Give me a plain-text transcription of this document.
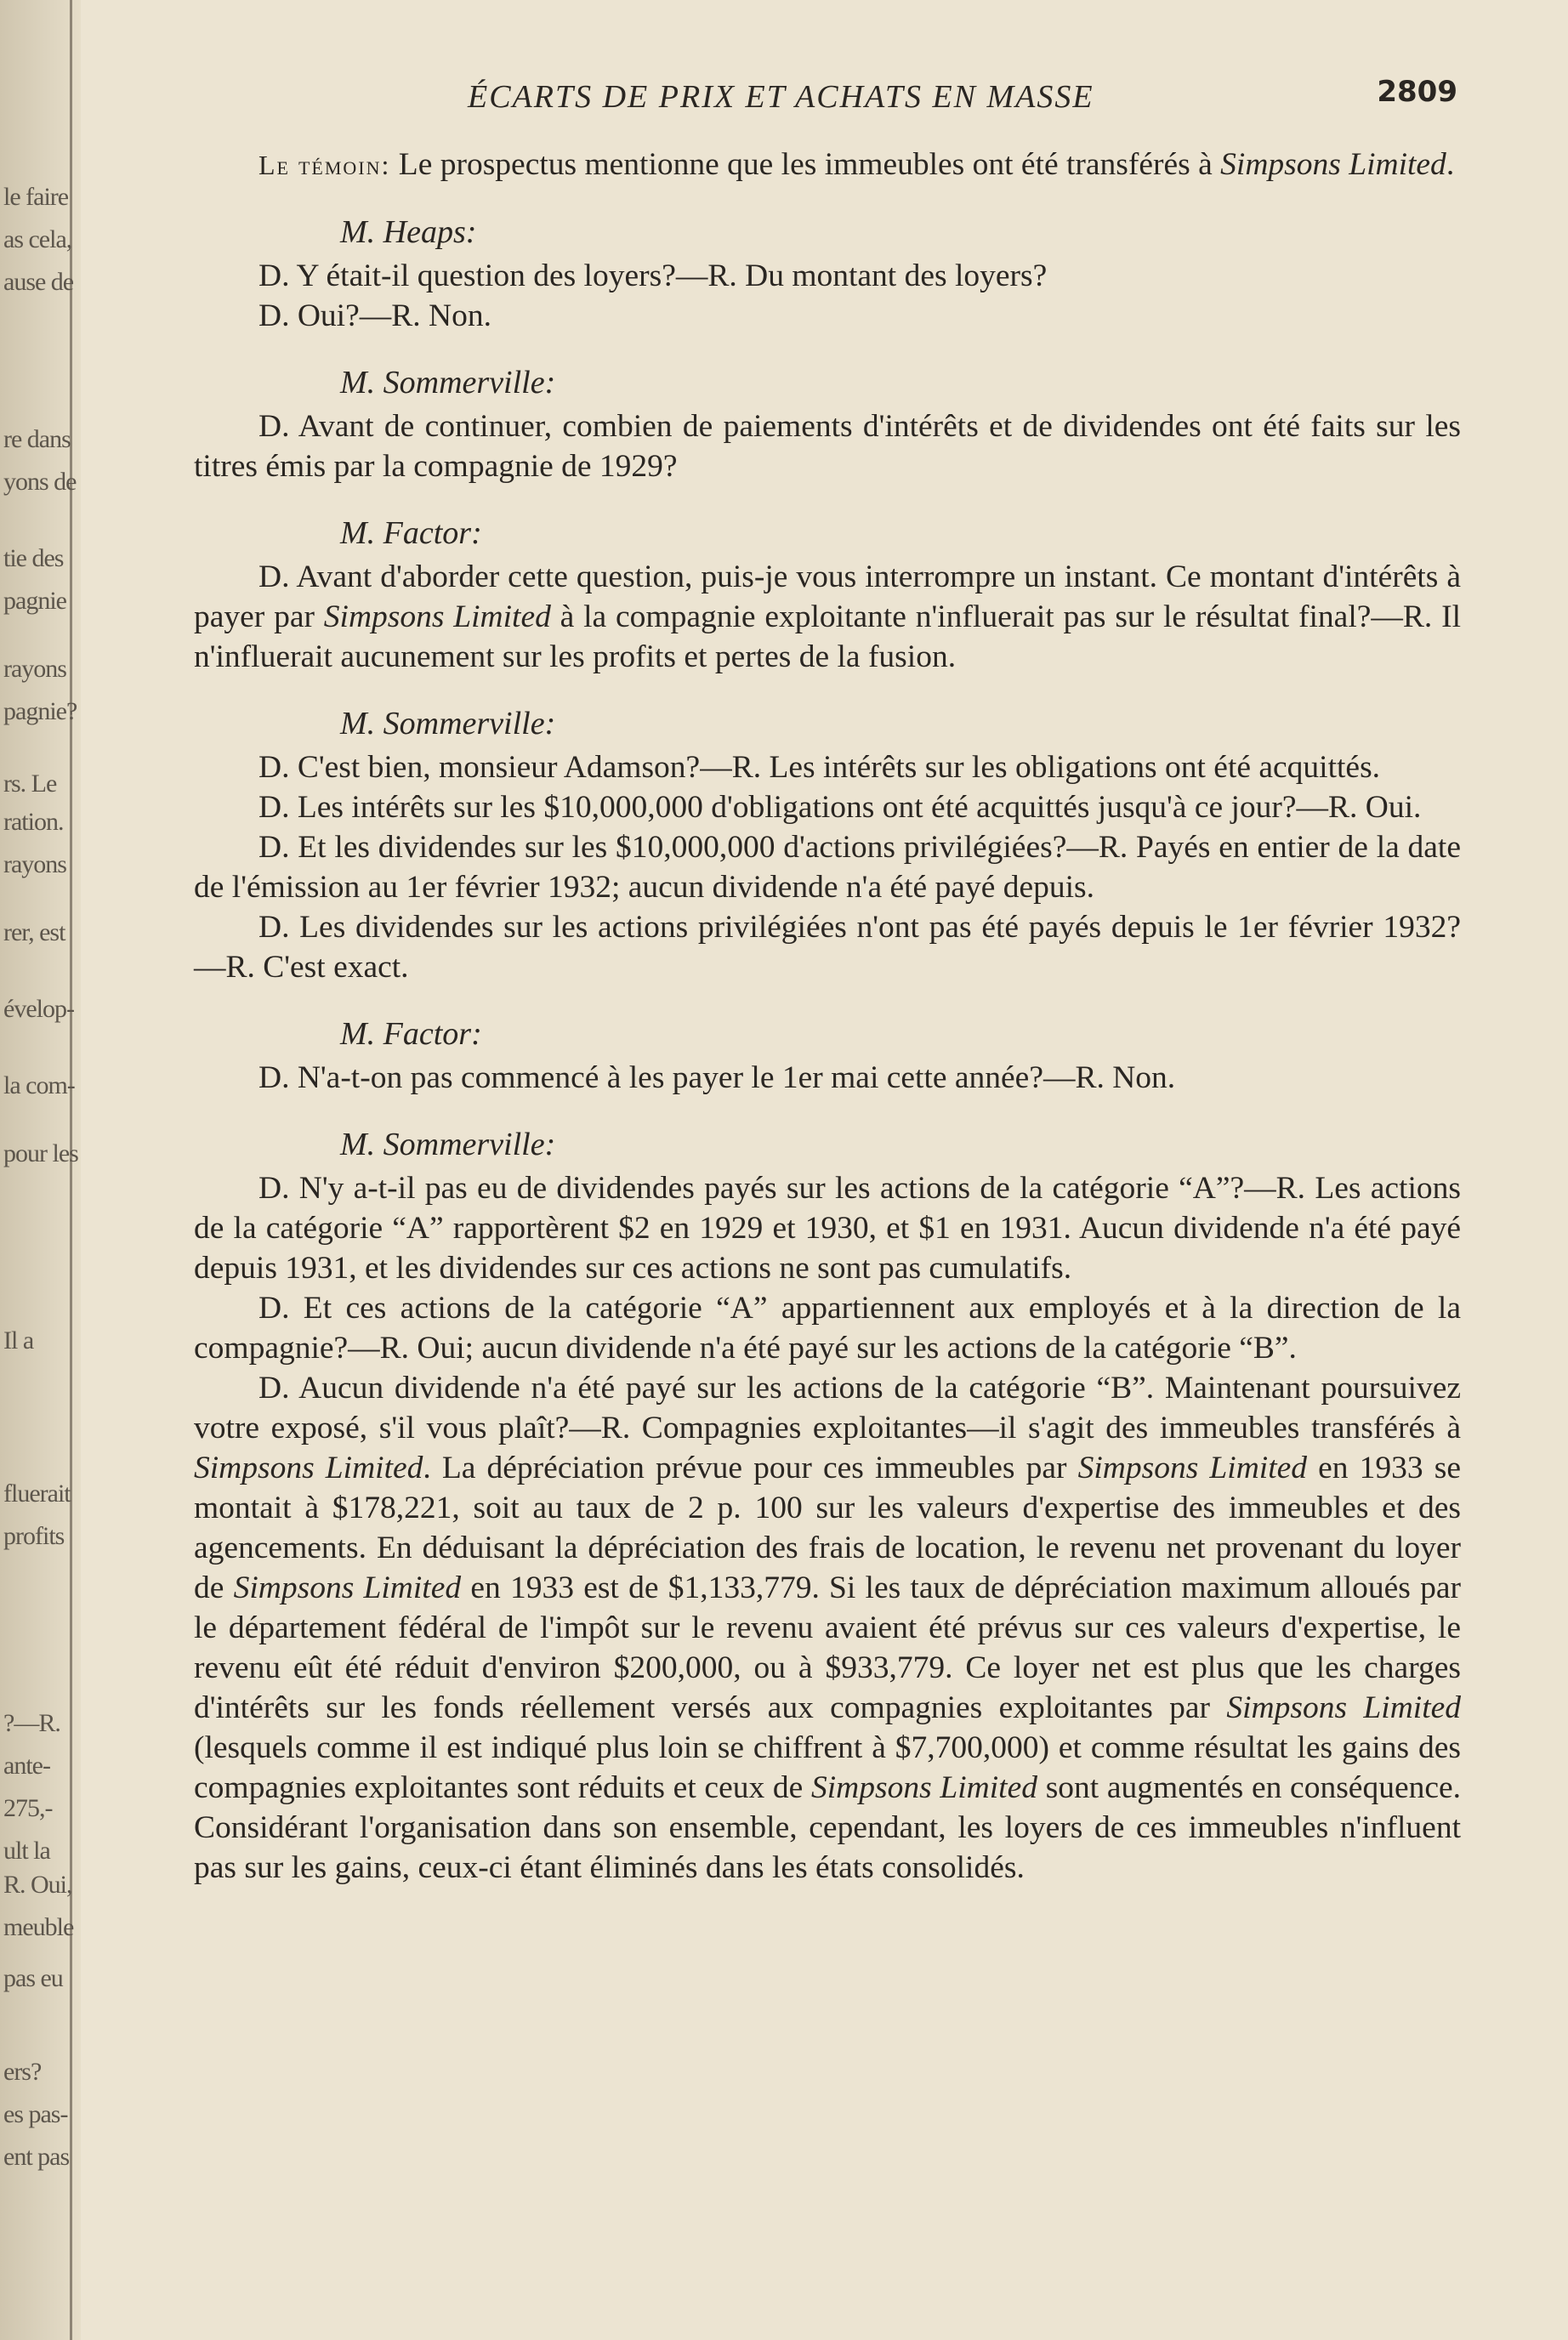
le faire
as cela,
ause de
re dans
yons de
tie des
pagnie
rayons
pagnie?
rs. Le
ration.
rayons
rer, est
évelop-
la com-
pour les
Il a
fluerait
profits
?—R.
ante-
275,-
ult la
R. Oui,
meuble
pas eu
ers?
es pas-
ent pas
ÉCARTS DE PRIX ET ACHATS EN MASSE	2809

Le témoin: Le prospectus mentionne que les immeubles ont été transférés à Simpsons Limited.

M. Heaps:

D. Y était-il question des loyers?—R. Du montant des loyers?

D. Oui?—R. Non.

M. Sommerville:

D. Avant de continuer, combien de paiements d'intérêts et de dividendes ont été faits sur les titres émis par la compagnie de 1929?

M. Factor:

D. Avant d'aborder cette question, puis-je vous interrompre un instant. Ce montant d'intérêts à payer par Simpsons Limited à la compagnie exploitante n'influerait pas sur le résultat final?—R. Il n'influerait aucunement sur les profits et pertes de la fusion.

M. Sommerville:

D. C'est bien, monsieur Adamson?—R. Les intérêts sur les obligations ont été acquittés.

D. Les intérêts sur les $10,000,000 d'obligations ont été acquittés jusqu'à ce jour?—R. Oui.

D. Et les dividendes sur les $10,000,000 d'actions privilégiées?—R. Payés en entier de la date de l'émission au 1er février 1932; aucun dividende n'a été payé depuis.

D. Les dividendes sur les actions privilégiées n'ont pas été payés depuis le 1er février 1932?—R. C'est exact.

M. Factor:

D. N'a-t-on pas commencé à les payer le 1er mai cette année?—R. Non.

M. Sommerville:

D. N'y a-t-il pas eu de dividendes payés sur les actions de la catégorie “A”?—R. Les actions de la catégorie “A” rapportèrent $2 en 1929 et 1930, et $1 en 1931. Aucun dividende n'a été payé depuis 1931, et les dividendes sur ces actions ne sont pas cumulatifs.

D. Et ces actions de la catégorie “A” appartiennent aux employés et à la direction de la compagnie?—R. Oui; aucun dividende n'a été payé sur les actions de la catégorie “B”.

D. Aucun dividende n'a été payé sur les actions de la catégorie “B”. Maintenant poursuivez votre exposé, s'il vous plaît?—R. Compagnies exploitantes—il s'agit des immeubles transférés à Simpsons Limited. La dépréciation prévue pour ces immeubles par Simpsons Limited en 1933 se montait à $178,221, soit au taux de 2 p. 100 sur les valeurs d'expertise des immeubles et des agencements. En déduisant la dépréciation des frais de location, le revenu net provenant du loyer de Simpsons Limited en 1933 est de $1,133,779. Si les taux de dépréciation maximum alloués par le département fédéral de l'impôt sur le revenu avaient été prévus sur ces valeurs d'expertise, le revenu eût été réduit d'environ $200,000, ou à $933,779. Ce loyer net est plus que les charges d'intérêts sur les fonds réellement versés aux compagnies exploitantes par Simpsons Limited (lesquels comme il est indiqué plus loin se chiffrent à $7,700,000) et comme résultat les gains des compagnies exploitantes sont réduits et ceux de Simpsons Limited sont augmentés en conséquence. Considérant l'organisation dans son ensemble, cependant, les loyers de ces immeubles n'influent pas sur les gains, ceux-ci étant éliminés dans les états consolidés.
